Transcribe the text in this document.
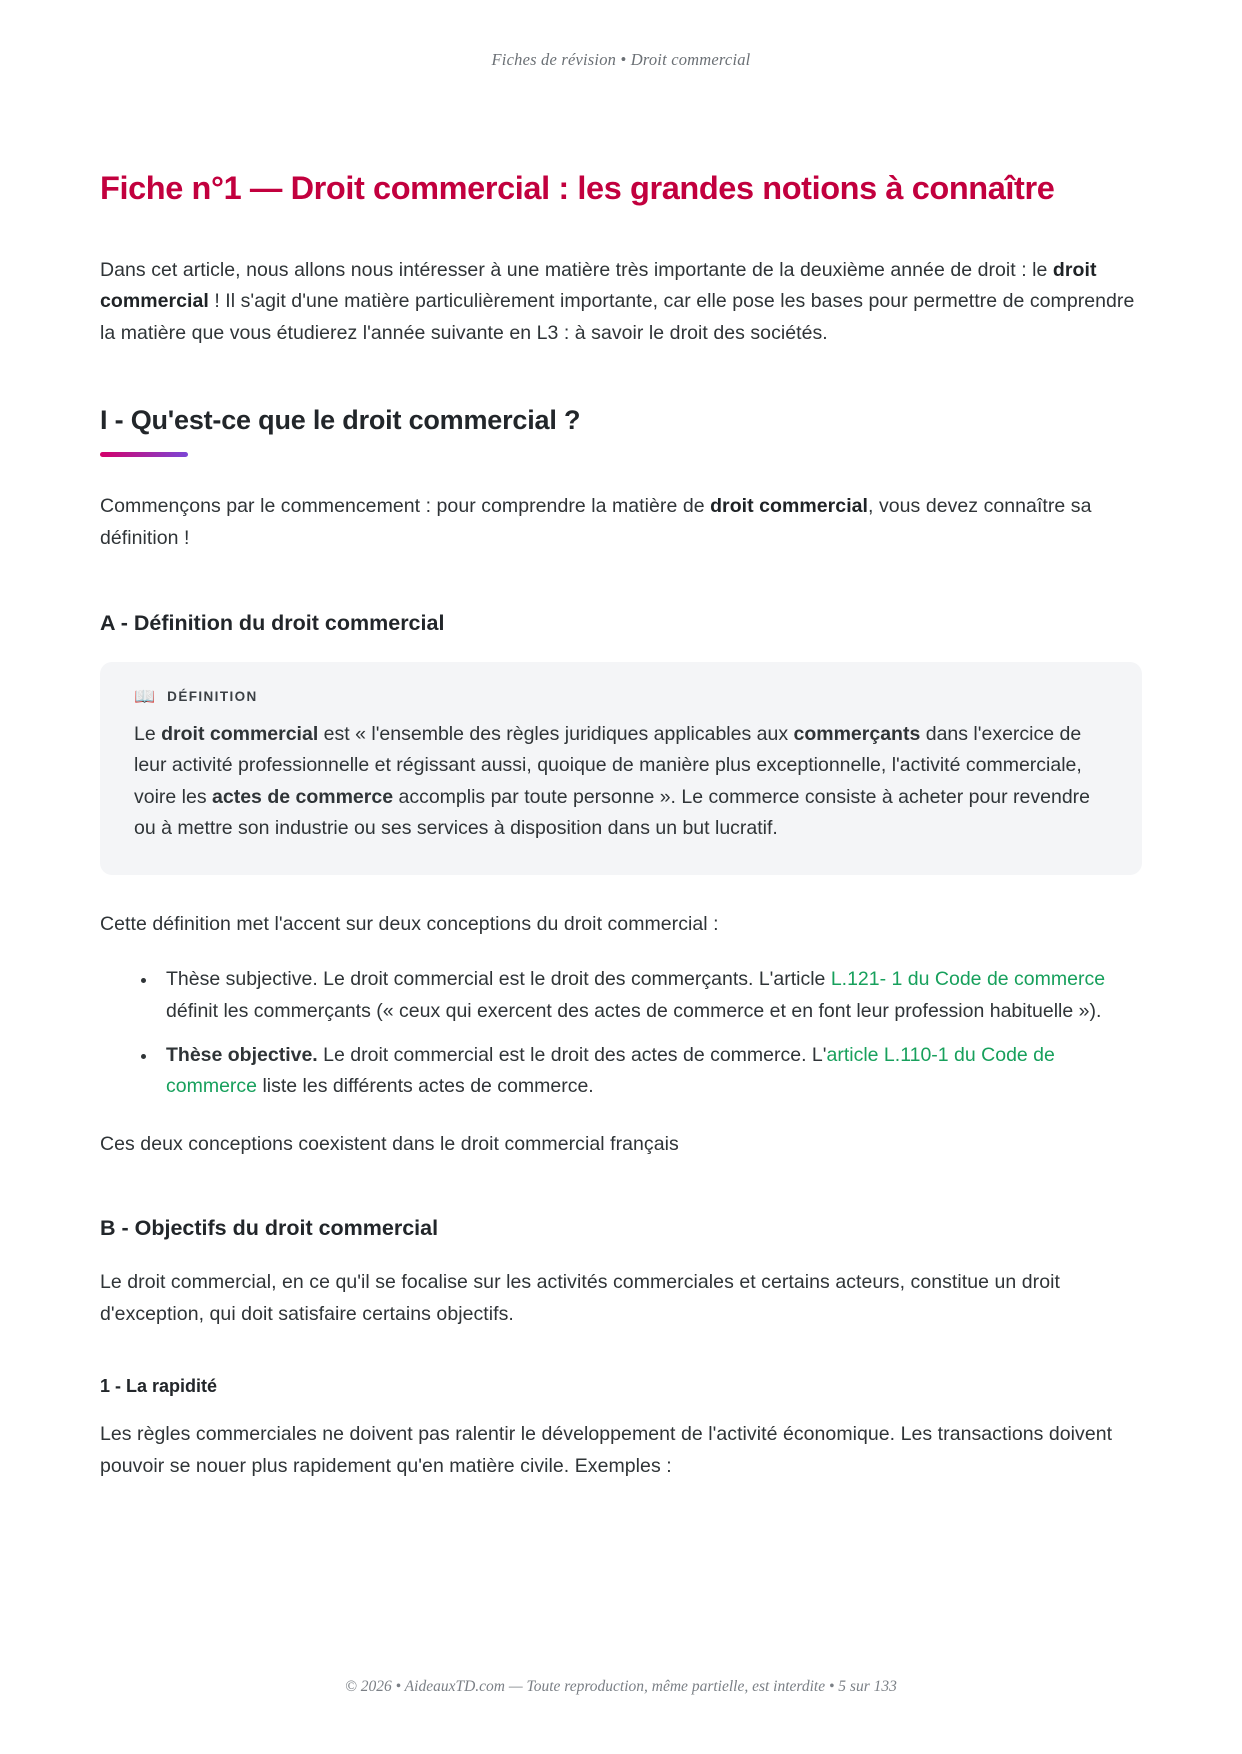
Fiches de révision • Droit commercial
Fiche n°1 — Droit commercial : les grandes notions à connaître

Dans cet article, nous allons nous intéresser à une matière très importante de la deuxième année de droit : le droit commercial ! Il s'agit d'une matière particulièrement importante, car elle pose les bases pour permettre de comprendre la matière que vous étudierez l'année suivante en L3 : à savoir le droit des sociétés.

I - Qu'est-ce que le droit commercial ?

Commençons par le commencement : pour comprendre la matière de droit commercial, vous devez connaître sa définition !

A - Définition du droit commercial
📖 DÉFINITION

Le droit commercial est « l'ensemble des règles juridiques applicables aux commerçants dans l'exercice de leur activité professionnelle et régissant aussi, quoique de manière plus exceptionnelle, l'activité commerciale, voire les actes de commerce accomplis par toute personne ». Le commerce consiste à acheter pour revendre ou à mettre son industrie ou ses services à disposition dans un but lucratif.

Cette définition met l'accent sur deux conceptions du droit commercial :

• Thèse subjective. Le droit commercial est le droit des commerçants. L'article L.121- 1 du Code de commerce définit les commerçants (« ceux qui exercent des actes de commerce et en font leur profession habituelle »).
• Thèse objective. Le droit commercial est le droit des actes de commerce. L'article L.110-1 du Code de commerce liste les différents actes de commerce.

Ces deux conceptions coexistent dans le droit commercial français

B - Objectifs du droit commercial

Le droit commercial, en ce qu'il se focalise sur les activités commerciales et certains acteurs, constitue un droit d'exception, qui doit satisfaire certains objectifs.

1 - La rapidité

Les règles commerciales ne doivent pas ralentir le développement de l'activité économique. Les transactions doivent pouvoir se nouer plus rapidement qu'en matière civile. Exemples :

© 2026 • AideauxTD.com — Toute reproduction, même partielle, est interdite • 5 sur 133
